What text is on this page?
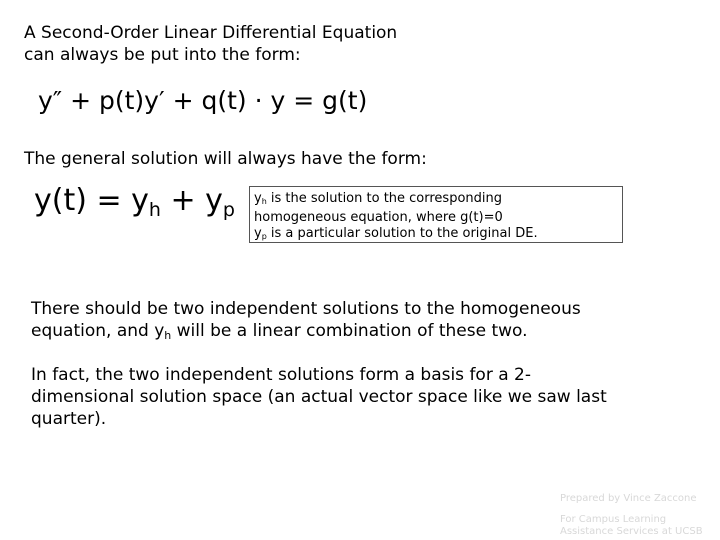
A Second-Order Linear Differential Equation
can always be put into the form:
y″ + p(t)y′ + q(t) · y = g(t)
The general solution will always have the form:
$y(t) = y_h + y_p$
$y_h$ is the solution to the corresponding
homogeneous equation, where g(t)=0
$y_p$ is a particular solution to the original DE.
There should be two independent solutions to the homogeneous
equation, and $y_h$ will be a linear combination of these two.
In fact, the two independent solutions form a basis for a 2-dimensional solution space (an actual vector space like we saw last quarter).
Prepared by Vince Zaccone
For Campus Learning
Assistance Services at UCSB
